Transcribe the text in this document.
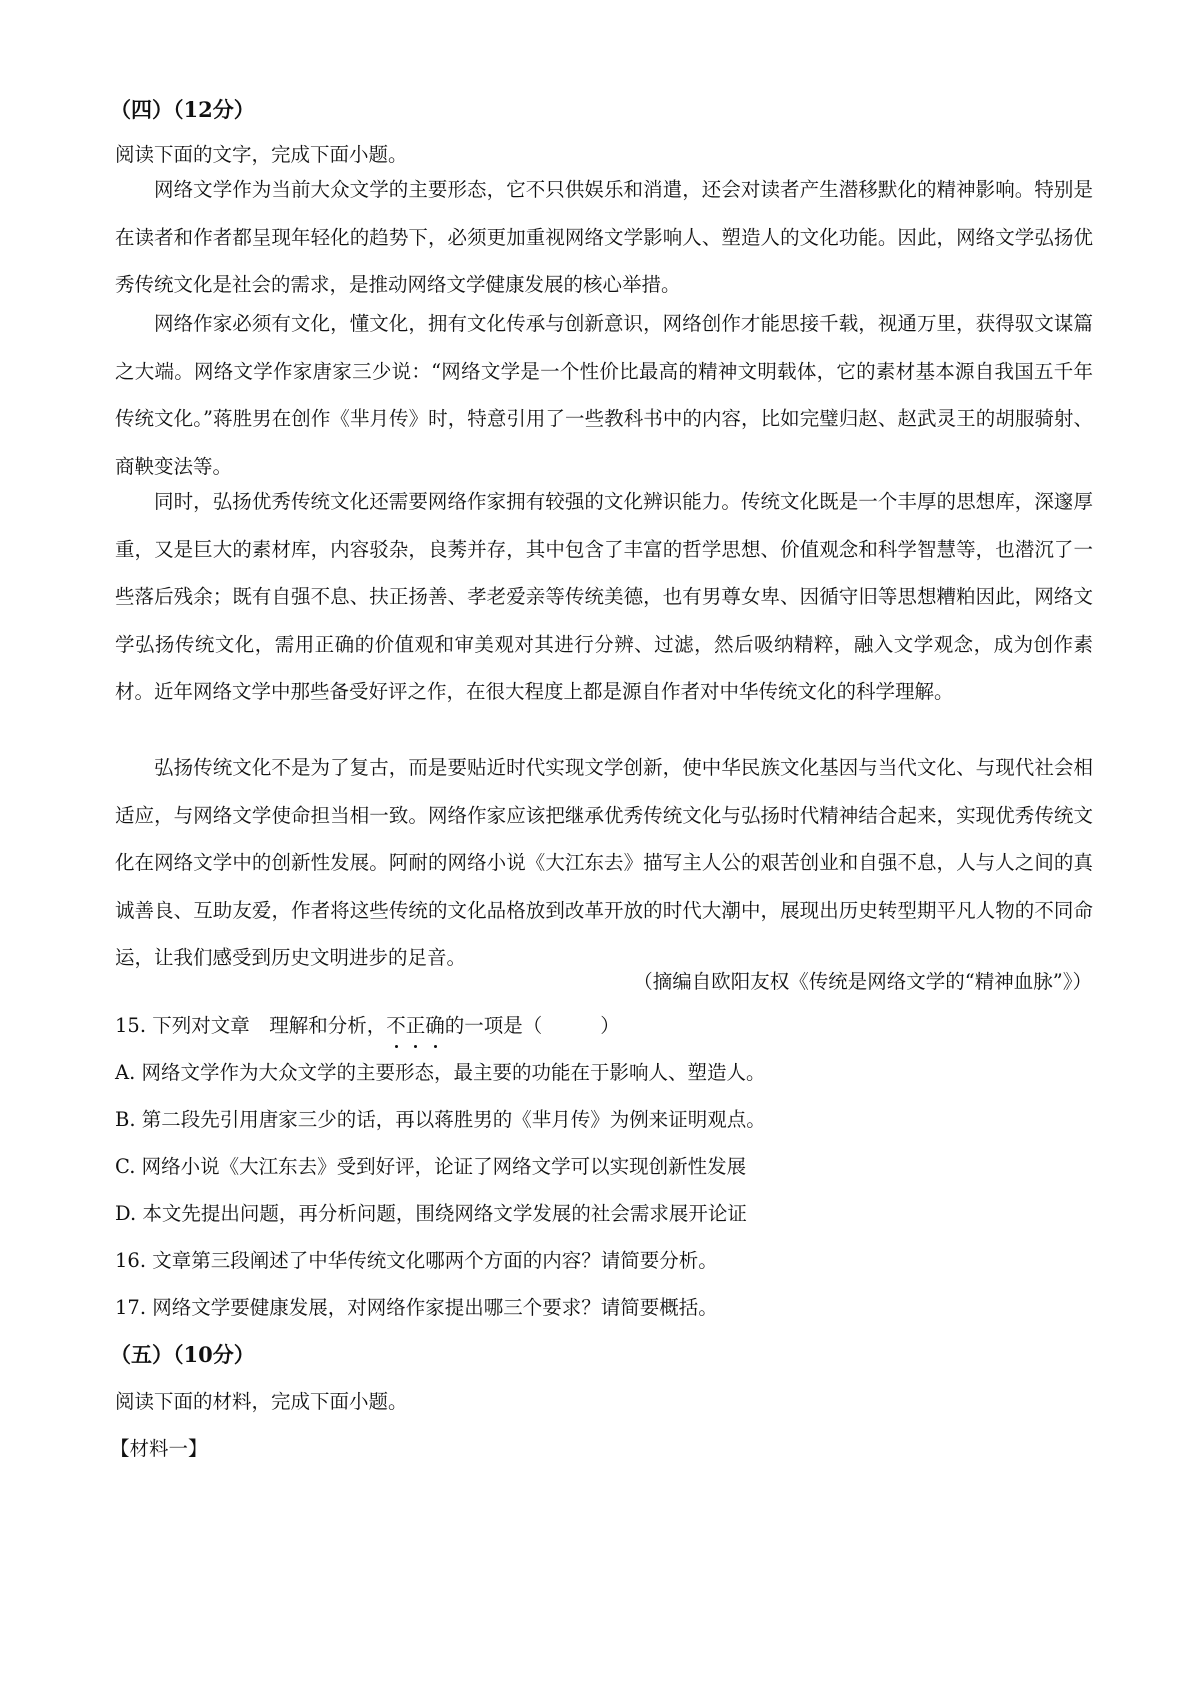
（四）（12分）
阅读下面的文字，完成下面小题。
网络文学作为当前大众文学的主要形态，它不只供娱乐和消遣，还会对读者产生潜移默化的精神影响。特别是在读者和作者都呈现年轻化的趋势下，必须更加重视网络文学影响人、塑造人的文化功能。因此，网络文学弘扬优秀传统文化是社会的需求，是推动网络文学健康发展的核心举措。
网络作家必须有文化，懂文化，拥有文化传承与创新意识，网络创作才能思接千载，视通万里，获得驭文谋篇之大端。网络文学作家唐家三少说：“网络文学是一个性价比最高的精神文明载体，它的素材基本源自我国五千年传统文化。”蒋胜男在创作《芈月传》时，特意引用了一些教科书中的内容，比如完璧归赵、赵武灵王的胡服骑射、商鞅变法等。
同时，弘扬优秀传统文化还需要网络作家拥有较强的文化辨识能力。传统文化既是一个丰厚的思想库，深邃厚重，又是巨大的素材库，内容驳杂，良莠并存，其中包含了丰富的哲学思想、价值观念和科学智慧等，也潜沉了一些落后残余；既有自强不息、扶正扬善、孝老爱亲等传统美德，也有男尊女卑、因循守旧等思想糟粕因此，网络文学弘扬传统文化，需用正确的价值观和审美观对其进行分辨、过滤，然后吸纳精粹，融入文学观念，成为创作素材。近年网络文学中那些备受好评之作，在很大程度上都是源自作者对中华传统文化的科学理解。
弘扬传统文化不是为了复古，而是要贴近时代实现文学创新，使中华民族文化基因与当代文化、与现代社会相适应，与网络文学使命担当相一致。网络作家应该把继承优秀传统文化与弘扬时代精神结合起来，实现优秀传统文化在网络文学中的创新性发展。阿耐的网络小说《大江东去》描写主人公的艰苦创业和自强不息，人与人之间的真诚善良、互助友爱，作者将这些传统的文化品格放到改革开放的时代大潮中，展现出历史转型期平凡人物的不同命运，让我们感受到历史文明进步的足音。
（摘编自欧阳友权《传统是网络文学的“精神血脉”》）
15. 下列对文章　 理解和分析，不正确
的一项是（	）
A. 网络文学作为大众文学的主要形态，最主要的功能在于影响人、塑造人。
B. 第二段先引用唐家三少的话，再以蒋胜男的《芈月传》为例来证明观点。
C. 网络小说《大江东去》受到好评，论证了网络文学可以实现创新性发展
D. 本文先提出问题，再分析问题，围绕网络文学发展的社会需求展开论证
16. 文章第三段阐述了中华传统文化哪两个方面的内容？请简要分析。
17. 网络文学要健康发展，对网络作家提出哪三个要求？请简要概括。
（五）（10分）
阅读下面的材料，完成下面小题。
【材料一】
